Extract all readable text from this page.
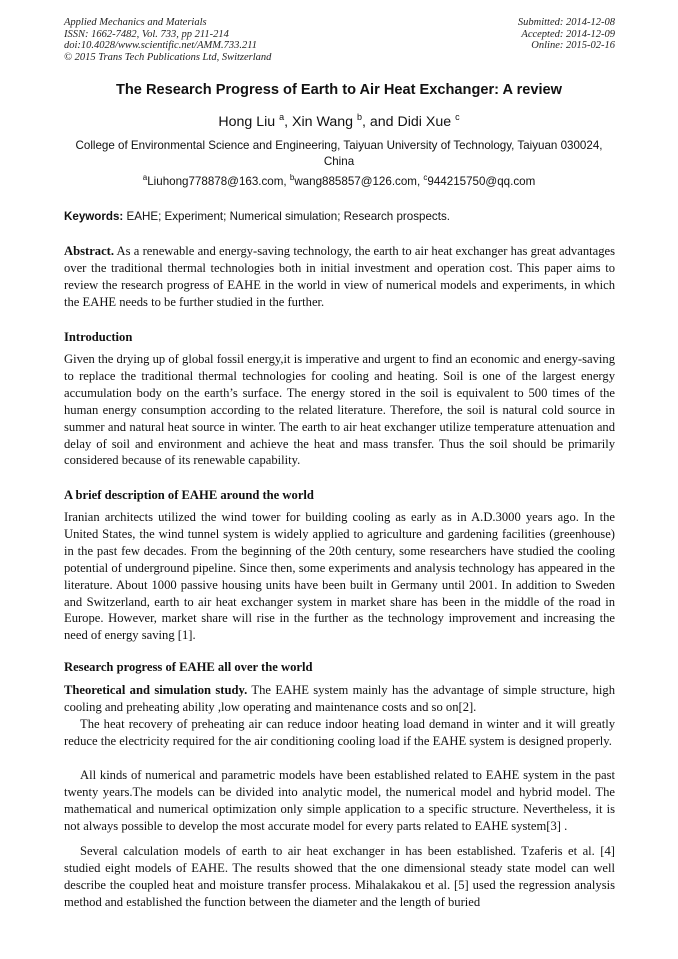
Applied Mechanics and Materials
ISSN: 1662-7482, Vol. 733, pp 211-214
doi:10.4028/www.scientific.net/AMM.733.211
© 2015 Trans Tech Publications Ltd, Switzerland
Submitted: 2014-12-08
Accepted: 2014-12-09
Online: 2015-02-16
The Research Progress of Earth to Air Heat Exchanger: A review
Hong Liu $^a$, Xin Wang $^b$, and Didi Xue $^c$
College of Environmental Science and Engineering, Taiyuan University of Technology, Taiyuan 030024, China
$^a$Liuhong778878@163.com, $^b$wang885857@126.com, $^c$944215750@qq.com
Keywords: EAHE; Experiment; Numerical simulation; Research prospects.

Abstract. As a renewable and energy-saving technology, the earth to air heat exchanger has great advantages over the traditional thermal technologies both in initial investment and operation cost. This paper aims to review the research progress of EAHE in the world in view of numerical models and experiments, in which the EAHE needs to be further studied in the further.

Introduction

Given the drying up of global fossil energy,it is imperative and urgent to find an economic and energy-saving to replace the traditional thermal technologies for cooling and heating. Soil is one of the largest energy accumulation body on the earth’s surface. The energy stored in the soil is equivalent to 500 times of the human energy consumption according to the related literature. Therefore, the soil is natural cold source in summer and natural heat source in winter. The earth to air heat exchanger utilize temperature attenuation and delay of soil and environment and achieve the heat and mass transfer. Thus the soil should be primarily considered because of its renewable capability.

A brief description of EAHE around the world

Iranian architects utilized the wind tower for building cooling as early as in A.D.3000 years ago. In the United States, the wind tunnel system is widely applied to agriculture and gardening facilities (greenhouse) in the past few decades. From the beginning of the 20th century, some researchers have studied the cooling potential of underground pipeline. Since then, some experiments and analysis technology has appeared in the literature. About 1000 passive housing units have been built in Germany until 2001. In addition to Sweden and Switzerland, earth to air heat exchanger system in market share has been in the middle of the road in Europe. However, market share will rise in the further as the technology improvement and increasing the need of energy saving [1].

Research progress of EAHE all over the world

Theoretical and simulation study. The EAHE system mainly has the advantage of simple structure, high cooling and preheating ability ,low operating and maintenance costs and so on[2].

The heat recovery of preheating air can reduce indoor heating load demand in winter and it will greatly reduce the electricity required for the air conditioning cooling load if the EAHE system is designed properly.

All kinds of numerical and parametric models have been established related to EAHE system in the past twenty years.The models can be divided into analytic model, the numerical model and hybrid model. The mathematical and numerical optimization only simple application to a specific structure. Nevertheless, it is not always possible to develop the most accurate model for every parts related to EAHE system[3] .

Several calculation models of earth to air heat exchanger in has been established. Tzaferis et al. [4] studied eight models of EAHE. The results showed that the one dimensional steady state model can well describe the coupled heat and moisture transfer process. Mihalakakou et al. [5] used the regression analysis method and established the function between the diameter and the length of buried
